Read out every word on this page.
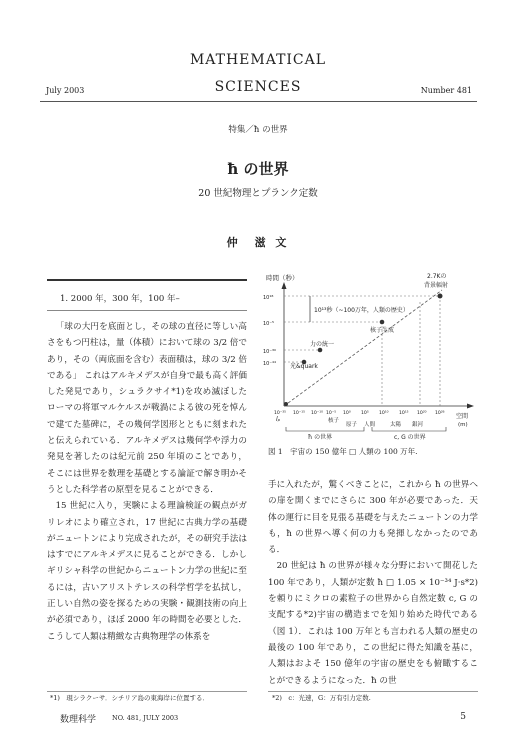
July 2003
MATHEMATICAL
SCIENCES	Number 481
特集／ħ の世界
ħ の世界
20 世紀物理とプランク定数
仲　滋 文
1. 2000 年，300 年，100 年–

「球の大円を底面とし，その球の直径に等しい高さをもつ円柱は，量（体積）において球の 3/2 倍であり，その（両底面を含む）表面積は，球の 3/2 倍である」 これはアルキメデスが自身で最も高く評価した発見であり，シュラクサイ*1)を攻め滅ぼしたローマの将軍マルケルスが戦渦による彼の死を悼んで建てた墓碑に，その幾何学図形とともに刻まれたと伝えられている．アルキメデスは幾何学や浮力の発見を著したのは紀元前 250 年頃のことであり，そこには世界を数理を基礎とする論証で解き明かそうとした科学者の原型を見ることができる．

15 世紀に入り，実験による理論検証の観点がガリレオにより確立され，17 世紀に古典力学の基礎がニュートンにより完成されたが，その研究手法ははすでにアルキメデスに見ることができる．しかしギリシャ科学の世紀からニュートン力学の世紀に至るには，古いアリストテレスの科学哲学を払拭し，正しい自然の姿を探るための実験・観測技術の向上が必須であり，ほぼ 2000 年の時間を必要とした．こうして人類は精緻な古典物理学の体系を

時間（秒）
空間
(m)
10¹⁸
10⁻⁵
10⁻³⁰
10⁻⁴⁴
10⁻³⁵ 10⁻¹⁵ 10⁻¹⁰ 10⁻⁵ 10⁰ 10⁵ 10¹⁰ 10¹⁵ 10²⁰ 10²⁶
2.7Kの
背景輻射
10¹³秒（~100万年，人類の歴史）
核子生成
力の統一
光&quark
lₚ	核子
原子 人間	太陽 銀河
ħ の世界	c, G の世界
図 1　宇宙の 150 億年 □ 人類の 100 万年.

手に入れたが，驚くべきことに，これから ħ の世界への扉を開くまでにさらに 300 年が必要であった．天体の運行に目を見張る基礎を与えたニュートンの力学も，ħ の世界へ導く何の力も発揮しなかったのである．

20 世紀は ħ の世界が様々な分野において開花した 100 年であり，人類が定数 ħ □ 1.05 × 10⁻³⁴ J·s*2) を頼りにミクロの素粒子の世界から自然定数 c, G の支配する*2)宇宙の構造までを知り始めた時代である（図 1）．これは 100 万年とも言われる人類の歴史の最後の 100 年であり，この世紀に得た知識を基に，人類はおよそ 150 億年の宇宙の歴史をも俯瞰することができるようになった．ħ の世

*1)　現シラクーサ．シチリア島の東海岸に位置する．	*2)　c：光速，G：万有引力定数.
数理科学 NO. 481, JULY 2003	5
